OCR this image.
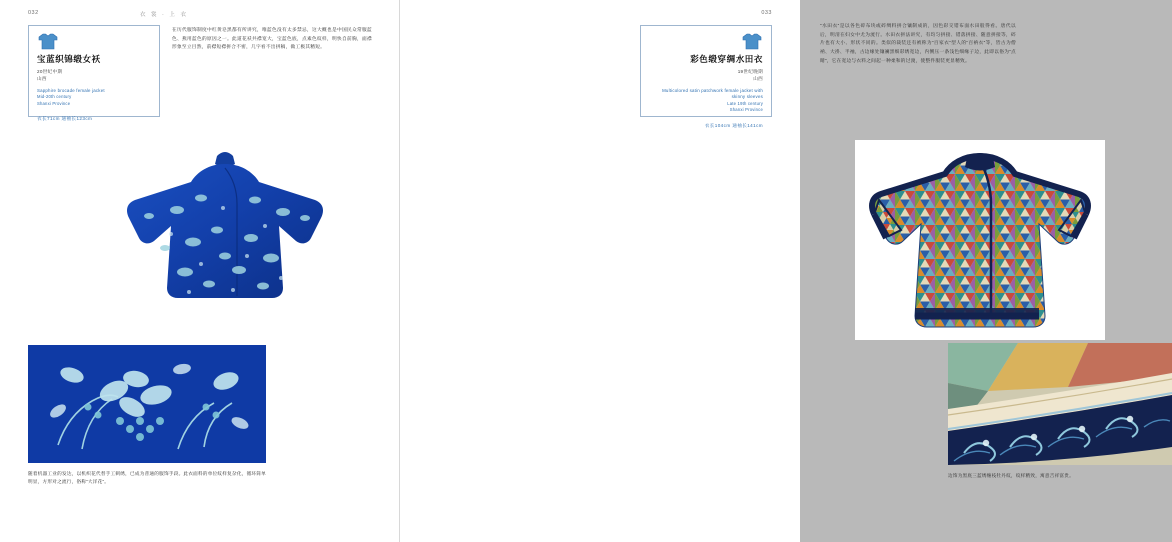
032	衣 裳 · 上 衣
宝蓝织锦缎女袄
20世纪中期
山西
Sapphire brocade female jacket
Mid-20th century
Shanxi Province
衣长71cm 通袖长123cm
在历代服饰制度中红黄皂黑都有所讲究，唯蓝色没有太多禁忌，这大概也是中国民众常服蓝色、燕用蓝色的原因之一。此道花袄共襟宽大，宝蓝色底，点素色纹样，明快自前胸，面襟形象至立目然，前襟短襟拼合不密，几字看不出拼稿，做工极其精短。
随着机器工业的发达，以机织花代替手工刺绣，已成为普通的服饰手段。此衣面料的单位纹样复杂化，循环简单明显，方形对之流行，俗称“大洋花”。
033
彩色缎穿绸水田衣
19世纪晚期
山西
Multicolored satin patchwork female jacket with skinny sleeves
Late 19th century
Shanxi Province
衣长104cm 通袖长141cm
“水田衣”是以各色碎布块或碎绸料拼合镶制成的，因色彩交错布面水田般得看。唐代以后，明清在妇女中尤为流行。水田衣拼法讲究，有均匀拼接、错落拼接、随意拼接等，碎片也有大小、形状不同的。类似的裁装还有被称为“百家衣”型人的“百衲衣”等，皆古为僧衲、大褂、半袖，古边缘处镶襕黑细彩绣宽边，内侧压一条浅色细缘子边，此即以俗为“点睛”，它在宽边与衣料之间起一种柔和的过渡，使整件服装更显精致。
边饰为黑底三蓝绣缠枝牡丹纹，纹样精致，寓意吉祥富贵。
